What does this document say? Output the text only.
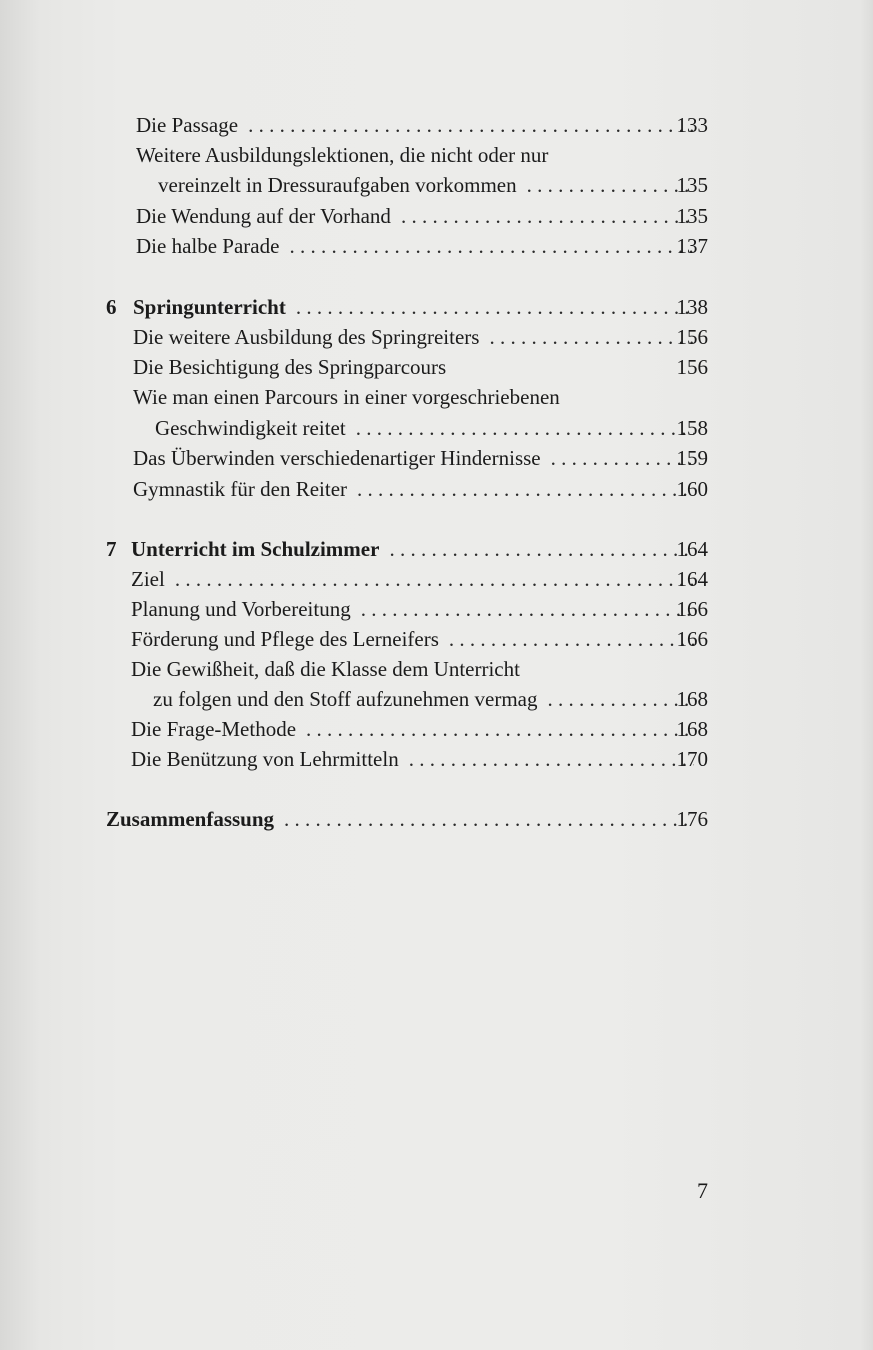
Die Passage . . .	133
Weitere Ausbildungslektionen, die nicht oder nur
vereinzelt in Dressuraufgaben vorkommen . . .	135
Die Wendung auf der Vorhand . . .	135
Die halbe Parade . . .	137
6 Springunterricht . . .	138
Die weitere Ausbildung des Springreiters . . .	156
Die Besichtigung des Springparcours	156
Wie man einen Parcours in einer vorgeschriebenen
Geschwindigkeit reitet . . .	158
Das Überwinden verschiedenartiger Hindernisse . . .	159
Gymnastik für den Reiter . . .	160
7 Unterricht im Schulzimmer . . .	164
Ziel . . .	164
Planung und Vorbereitung . . .	166
Förderung und Pflege des Lerneifers . . .	166
Die Gewißheit, daß die Klasse dem Unterricht
zu folgen und den Stoff aufzunehmen vermag . . .	168
Die Frage-Methode . . .	168
Die Benützung von Lehrmitteln . . .	170
Zusammenfassung . . .	176
7
